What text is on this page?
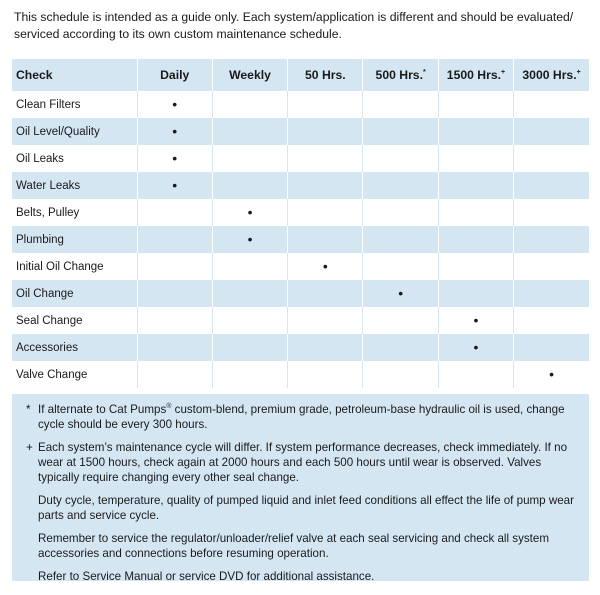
This schedule is intended as a guide only. Each system/application is different and should be evaluated/
serviced according to its own custom maintenance schedule.
Check	Daily	Weekly	50 Hrs.	500 Hrs.*	1500 Hrs.+	3000 Hrs.+
Clean Filters	•					
Oil Level/Quality	•					
Oil Leaks	•					
Water Leaks	•					
Belts, Pulley		•				
Plumbing		•				
Initial Oil Change			•			
Oil Change				•		
Seal Change					•	
Accessories					•	
Valve Change						•
* If alternate to Cat Pumps® custom-blend, premium grade, petroleum-base hydraulic oil is used, change cycle should be every 300 hours.
+ Each system’s maintenance cycle will differ. If system performance decreases, check immediately. If no wear at 1500 hours, check again at 2000 hours and each 500 hours until wear is observed. Valves typically require changing every other seal change.
Duty cycle, temperature, quality of pumped liquid and inlet feed conditions all effect the life of pump wear parts and service cycle.
Remember to service the regulator/unloader/relief valve at each seal servicing and check all system accessories and connections before resuming operation.
Refer to Service Manual or service DVD for additional assistance.
